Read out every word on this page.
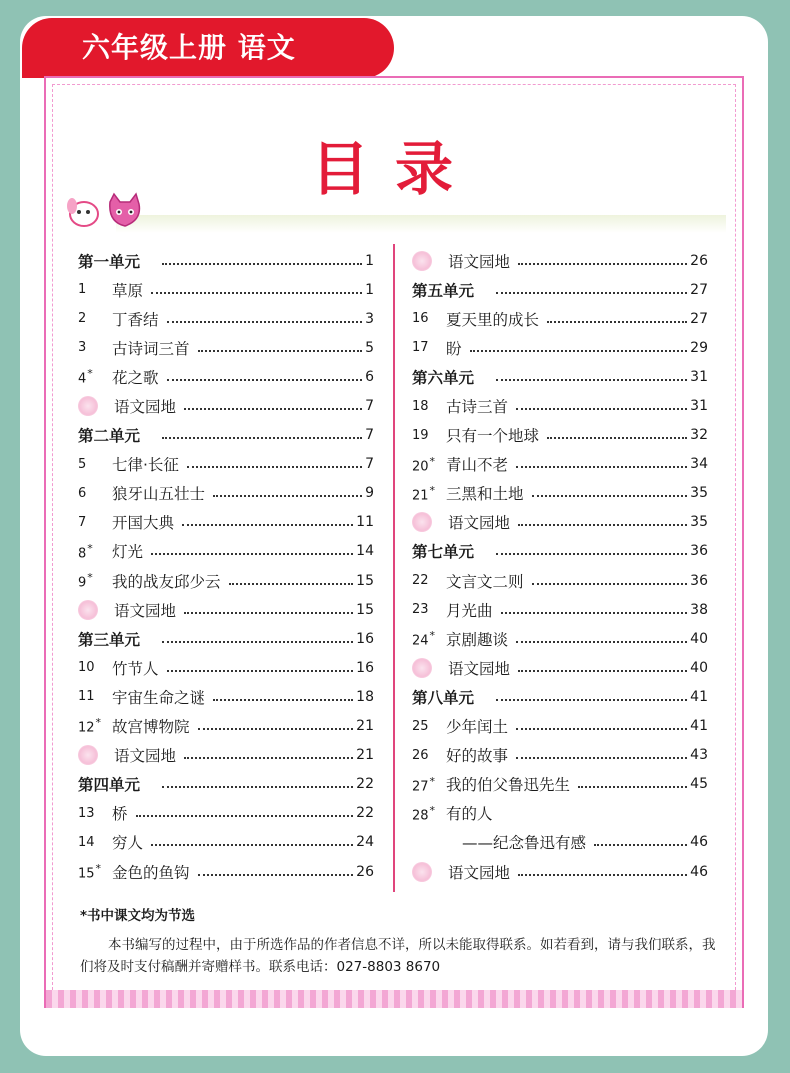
六年级上册 语文
目录
第一单元	1
1	草原	1
2	丁香结	3
3	古诗词三首	5
4*	花之歌	6
语文园地	7
第二单元	7
5	七律·长征	7
6	狼牙山五壮士	9
7	开国大典	11
8*	灯光	14
9*	我的战友邱少云	15
语文园地	15
第三单元	16
10	竹节人	16
11	宇宙生命之谜	18
12* 故宫博物院	21
语文园地	21
第四单元	22
13	桥	22
14	穷人	24
15* 金色的鱼钩	26
语文园地	26
第五单元	27
16	夏天里的成长	27
17	盼	29
第六单元	31
18	古诗三首	31
19	只有一个地球	32
20* 青山不老	34
21* 三黑和土地	35
语文园地	35
第七单元	36
22	文言文二则	36
23	月光曲	38
24* 京剧趣谈	40
语文园地	40
第八单元	41
25	少年闰土	41
26	好的故事	43
27* 我的伯父鲁迅先生	45
28* 有的人
——纪念鲁迅有感	46
语文园地	46
*书中课文均为节选
本书编写的过程中，由于所选作品的作者信息不详，所以未能取得联系。如若看到，请与我们联系，我们将及时支付稿酬并寄赠样书。联系电话：027-8803 8670
